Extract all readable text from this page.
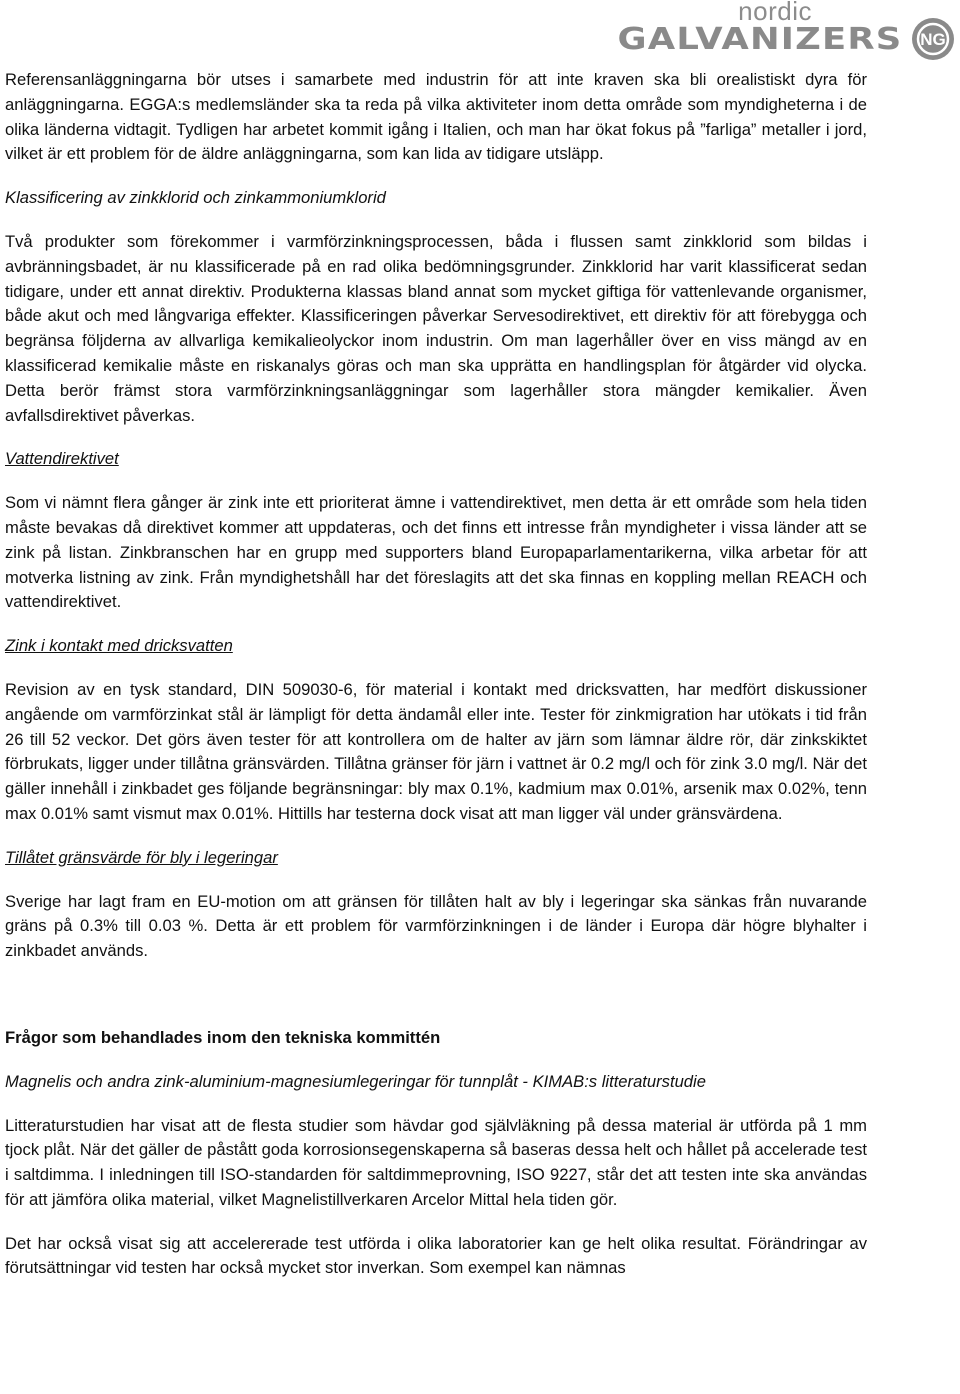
nordic
GALVANIZERS NG

Referensanläggningarna bör utses i samarbete med industrin för att inte kraven ska bli orealistiskt dyra för anläggningarna. EGGA:s medlemsländer ska ta reda på vilka aktiviteter inom detta område som myndigheterna i de olika länderna vidtagit. Tydligen har arbetet kommit igång i Italien, och man har ökat fokus på ”farliga” metaller i jord, vilket är ett problem för de äldre anläggningarna, som kan lida av tidigare utsläpp.

Klassificering av zinkklorid och zinkammoniumklorid

Två produkter som förekommer i varmförzinkningsprocessen, båda i flussen samt zinkklorid som bildas i avbränningsbadet, är nu klassificerade på en rad olika bedömningsgrunder. Zinkklorid har varit klassificerat sedan tidigare, under ett annat direktiv. Produkterna klassas bland annat som mycket giftiga för vattenlevande organismer, både akut och med långvariga effekter. Klassificeringen påverkar Servesodirektivet, ett direktiv för att förebygga och begränsa följderna av allvarliga kemikalieolyckor inom industrin. Om man lagerhåller över en viss mängd av en klassificerad kemikalie måste en riskanalys göras och man ska upprätta en handlingsplan för åtgärder vid olycka. Detta berör främst stora varmförzinkningsanläggningar som lagerhåller stora mängder kemikalier. Även avfallsdirektivet påverkas.

Vattendirektivet

Som vi nämnt flera gånger är zink inte ett prioriterat ämne i vattendirektivet, men detta är ett område som hela tiden måste bevakas då direktivet kommer att uppdateras, och det finns ett intresse från myndigheter i vissa länder att se zink på listan. Zinkbranschen har en grupp med supporters bland Europaparlamentarikerna, vilka arbetar för att motverka listning av zink. Från myndighetshåll har det föreslagits att det ska finnas en koppling mellan REACH och vattendirektivet.

Zink i kontakt med dricksvatten

Revision av en tysk standard, DIN 509030-6, för material i kontakt med dricksvatten, har medfört diskussioner angående om varmförzinkat stål är lämpligt för detta ändamål eller inte. Tester för zinkmigration har utökats i tid från 26 till 52 veckor. Det görs även tester för att kontrollera om de halter av järn som lämnar äldre rör, där zinkskiktet förbrukats, ligger under tillåtna gränsvärden. Tillåtna gränser för järn i vattnet är 0.2 mg/l och för zink 3.0 mg/l. När det gäller innehåll i zinkbadet ges följande begränsningar: bly max 0.1%, kadmium max 0.01%, arsenik max 0.02%, tenn max 0.01% samt vismut max 0.01%. Hittills har testerna dock visat att man ligger väl under gränsvärdena.

Tillåtet gränsvärde för bly i legeringar

Sverige har lagt fram en EU-motion om att gränsen för tillåten halt av bly i legeringar ska sänkas från nuvarande gräns på 0.3% till 0.03 %. Detta är ett problem för varmförzinkningen i de länder i Europa där högre blyhalter i zinkbadet används.

Frågor som behandlades inom den tekniska kommittén

Magnelis och andra zink-aluminium-magnesiumlegeringar för tunnplåt - KIMAB:s litteraturstudie

Litteraturstudien har visat att de flesta studier som hävdar god självläkning på dessa material är utförda på 1 mm tjock plåt. När det gäller de påstått goda korrosionsegenskaperna så baseras dessa helt och hållet på accelerade test i saltdimma. I inledningen till ISO-standarden för saltdimmeprovning, ISO 9227, står det att testen inte ska användas för att jämföra olika material, vilket Magnelistillverkaren Arcelor Mittal hela tiden gör.

Det har också visat sig att accelererade test utförda i olika laboratorier kan ge helt olika resultat. Förändringar av förutsättningar vid testen har också mycket stor inverkan. Som exempel kan nämnas
